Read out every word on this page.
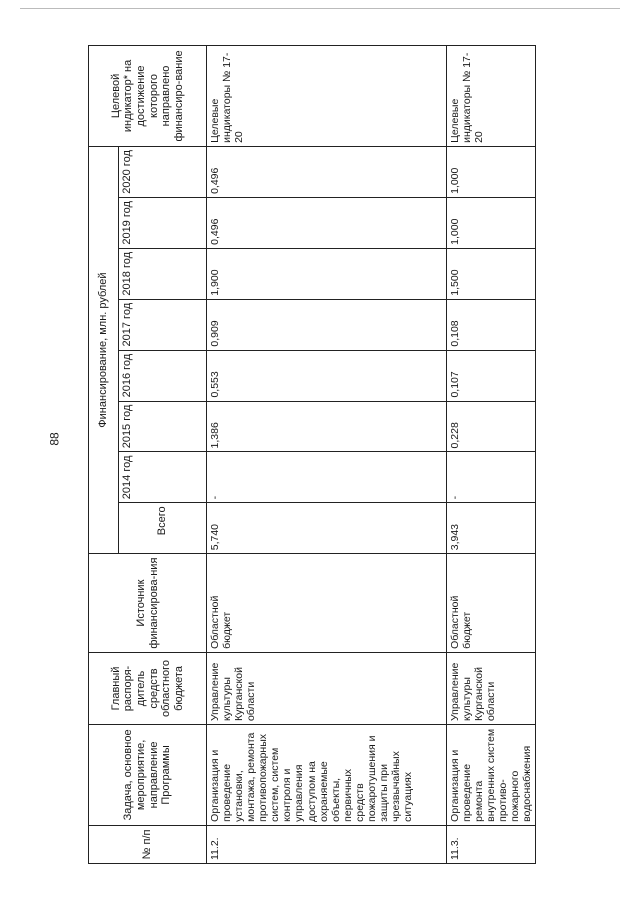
88
№ п/п	Задача, основное мероприятие, направление Программы	Главный распоря-дитель средств областного бюджета	Источник финансирова-ния	Финансирование, млн. рублей								Целевой индикатор* на достижение которого направлено финансиро-вание
				Всего	2014 год	2015 год	2016 год	2017 год	2018 год	2019 год	2020 год	
11.2.	Организация и проведение установки, монтажа, ремонта противопожарных систем, систем контроля и управления доступом на охраняемые объекты, первичных средств пожаротушения и защиты при чрезвычайных ситуациях	Управление культуры Курганской области	Областной бюджет	5,740	-	1,386	0,553	0,909	1,900	0,496	0,496	Целевые индикаторы № 17-20
11.3.	Организация и проведение ремонта внутренних систем противо-пожарного водоснабжения	Управление культуры Курганской области	Областной бюджет	3,943	-	0,228	0,107	0,108	1,500	1,000	1,000	Целевые индикаторы № 17-20
